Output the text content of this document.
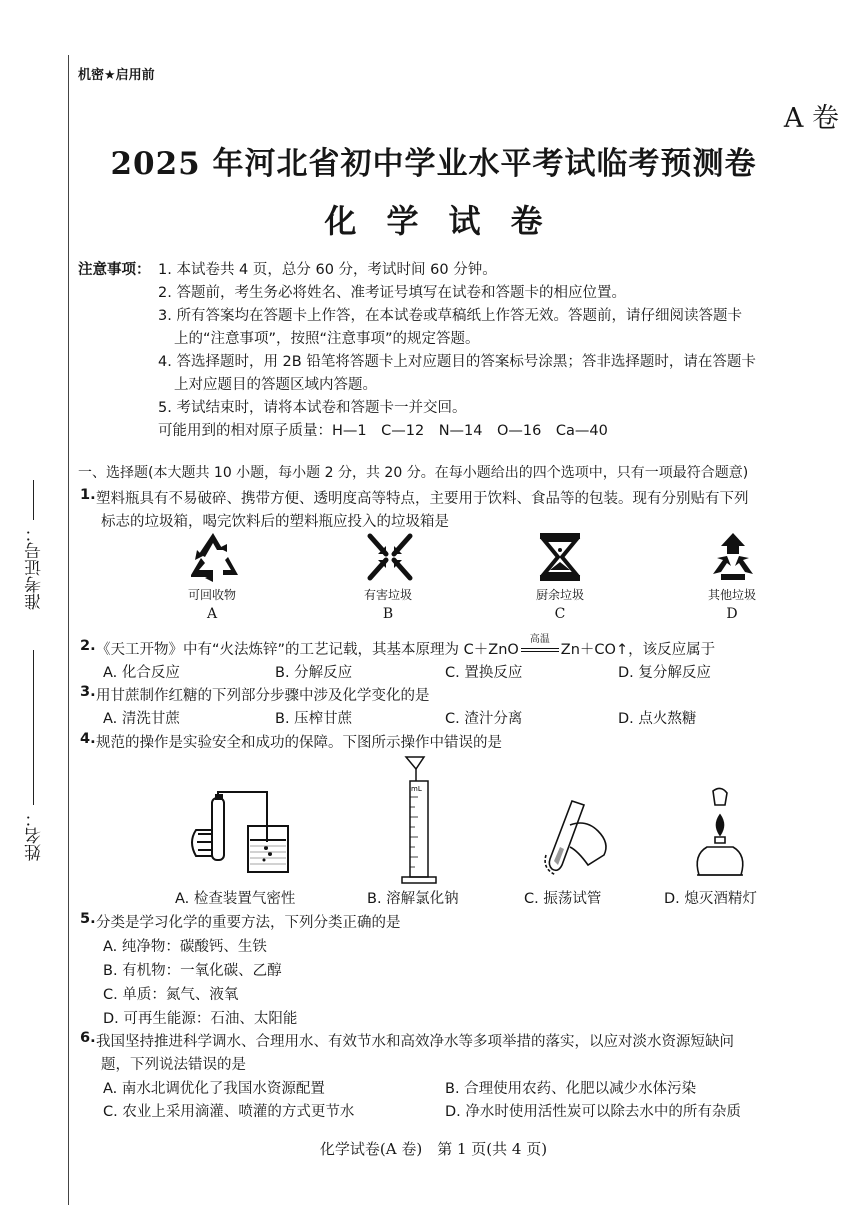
准考证号：
姓名：
机密★启用前
A 卷
2025 年河北省初中学业水平考试临考预测卷
化学试卷
注意事项： 1. 本试卷共 4 页，总分 60 分，考试时间 60 分钟。
2. 答题前，考生务必将姓名、准考证号填写在试卷和答题卡的相应位置。
3. 所有答案均在答题卡上作答，在本试卷或草稿纸上作答无效。答题前，请仔细阅读答题卡
上的“注意事项”，按照“注意事项”的规定答题。
4. 答选择题时，用 2B 铅笔将答题卡上对应题目的答案标号涂黑；答非选择题时，请在答题卡
上对应题目的答题区域内答题。
5. 考试结束时，请将本试卷和答题卡一并交回。
可能用到的相对原子质量：H—1　C—12　N—14　O—16　Ca—40
一、选择题(本大题共 10 小题，每小题 2 分，共 20 分。在每小题给出的四个选项中，只有一项最符合题意)
1. 塑料瓶具有不易破碎、携带方便、透明度高等特点，主要用于饮料、食品等的包装。现有分别贴有下列
标志的垃圾箱，喝完饮料后的塑料瓶应投入的垃圾箱是
可回收物	有害垃圾	厨余垃圾	其他垃圾
A	B	C	D
2. 《天工开物》中有“火法炼锌”的工艺记载，其基本原理为 C＋ZnO
高温
Zn＋CO↑，该反应属于
A. 化合反应	B. 分解反应	C. 置换反应	D. 复分解反应
3. 用甘蔗制作红糖的下列部分步骤中涉及化学变化的是
A. 清洗甘蔗	B. 压榨甘蔗	C. 渣汁分离	D. 点火熬糖
4. 规范的操作是实验安全和成功的保障。下图所示操作中错误的是
mL
A. 检查装置气密性	B. 溶解氯化钠	C. 振荡试管	D. 熄灭酒精灯
5. 分类是学习化学的重要方法，下列分类正确的是
A. 纯净物：碳酸钙、生铁
B. 有机物：一氧化碳、乙醇
C. 单质：氮气、液氧
D. 可再生能源：石油、太阳能
6. 我国坚持推进科学调水、合理用水、有效节水和高效净水等多项举措的落实，以应对淡水资源短缺问
题，下列说法错误的是
A. 南水北调优化了我国水资源配置	B. 合理使用农药、化肥以减少水体污染
C. 农业上采用滴灌、喷灌的方式更节水	D. 净水时使用活性炭可以除去水中的所有杂质
化学试卷(A 卷)　第 1 页(共 4 页)
